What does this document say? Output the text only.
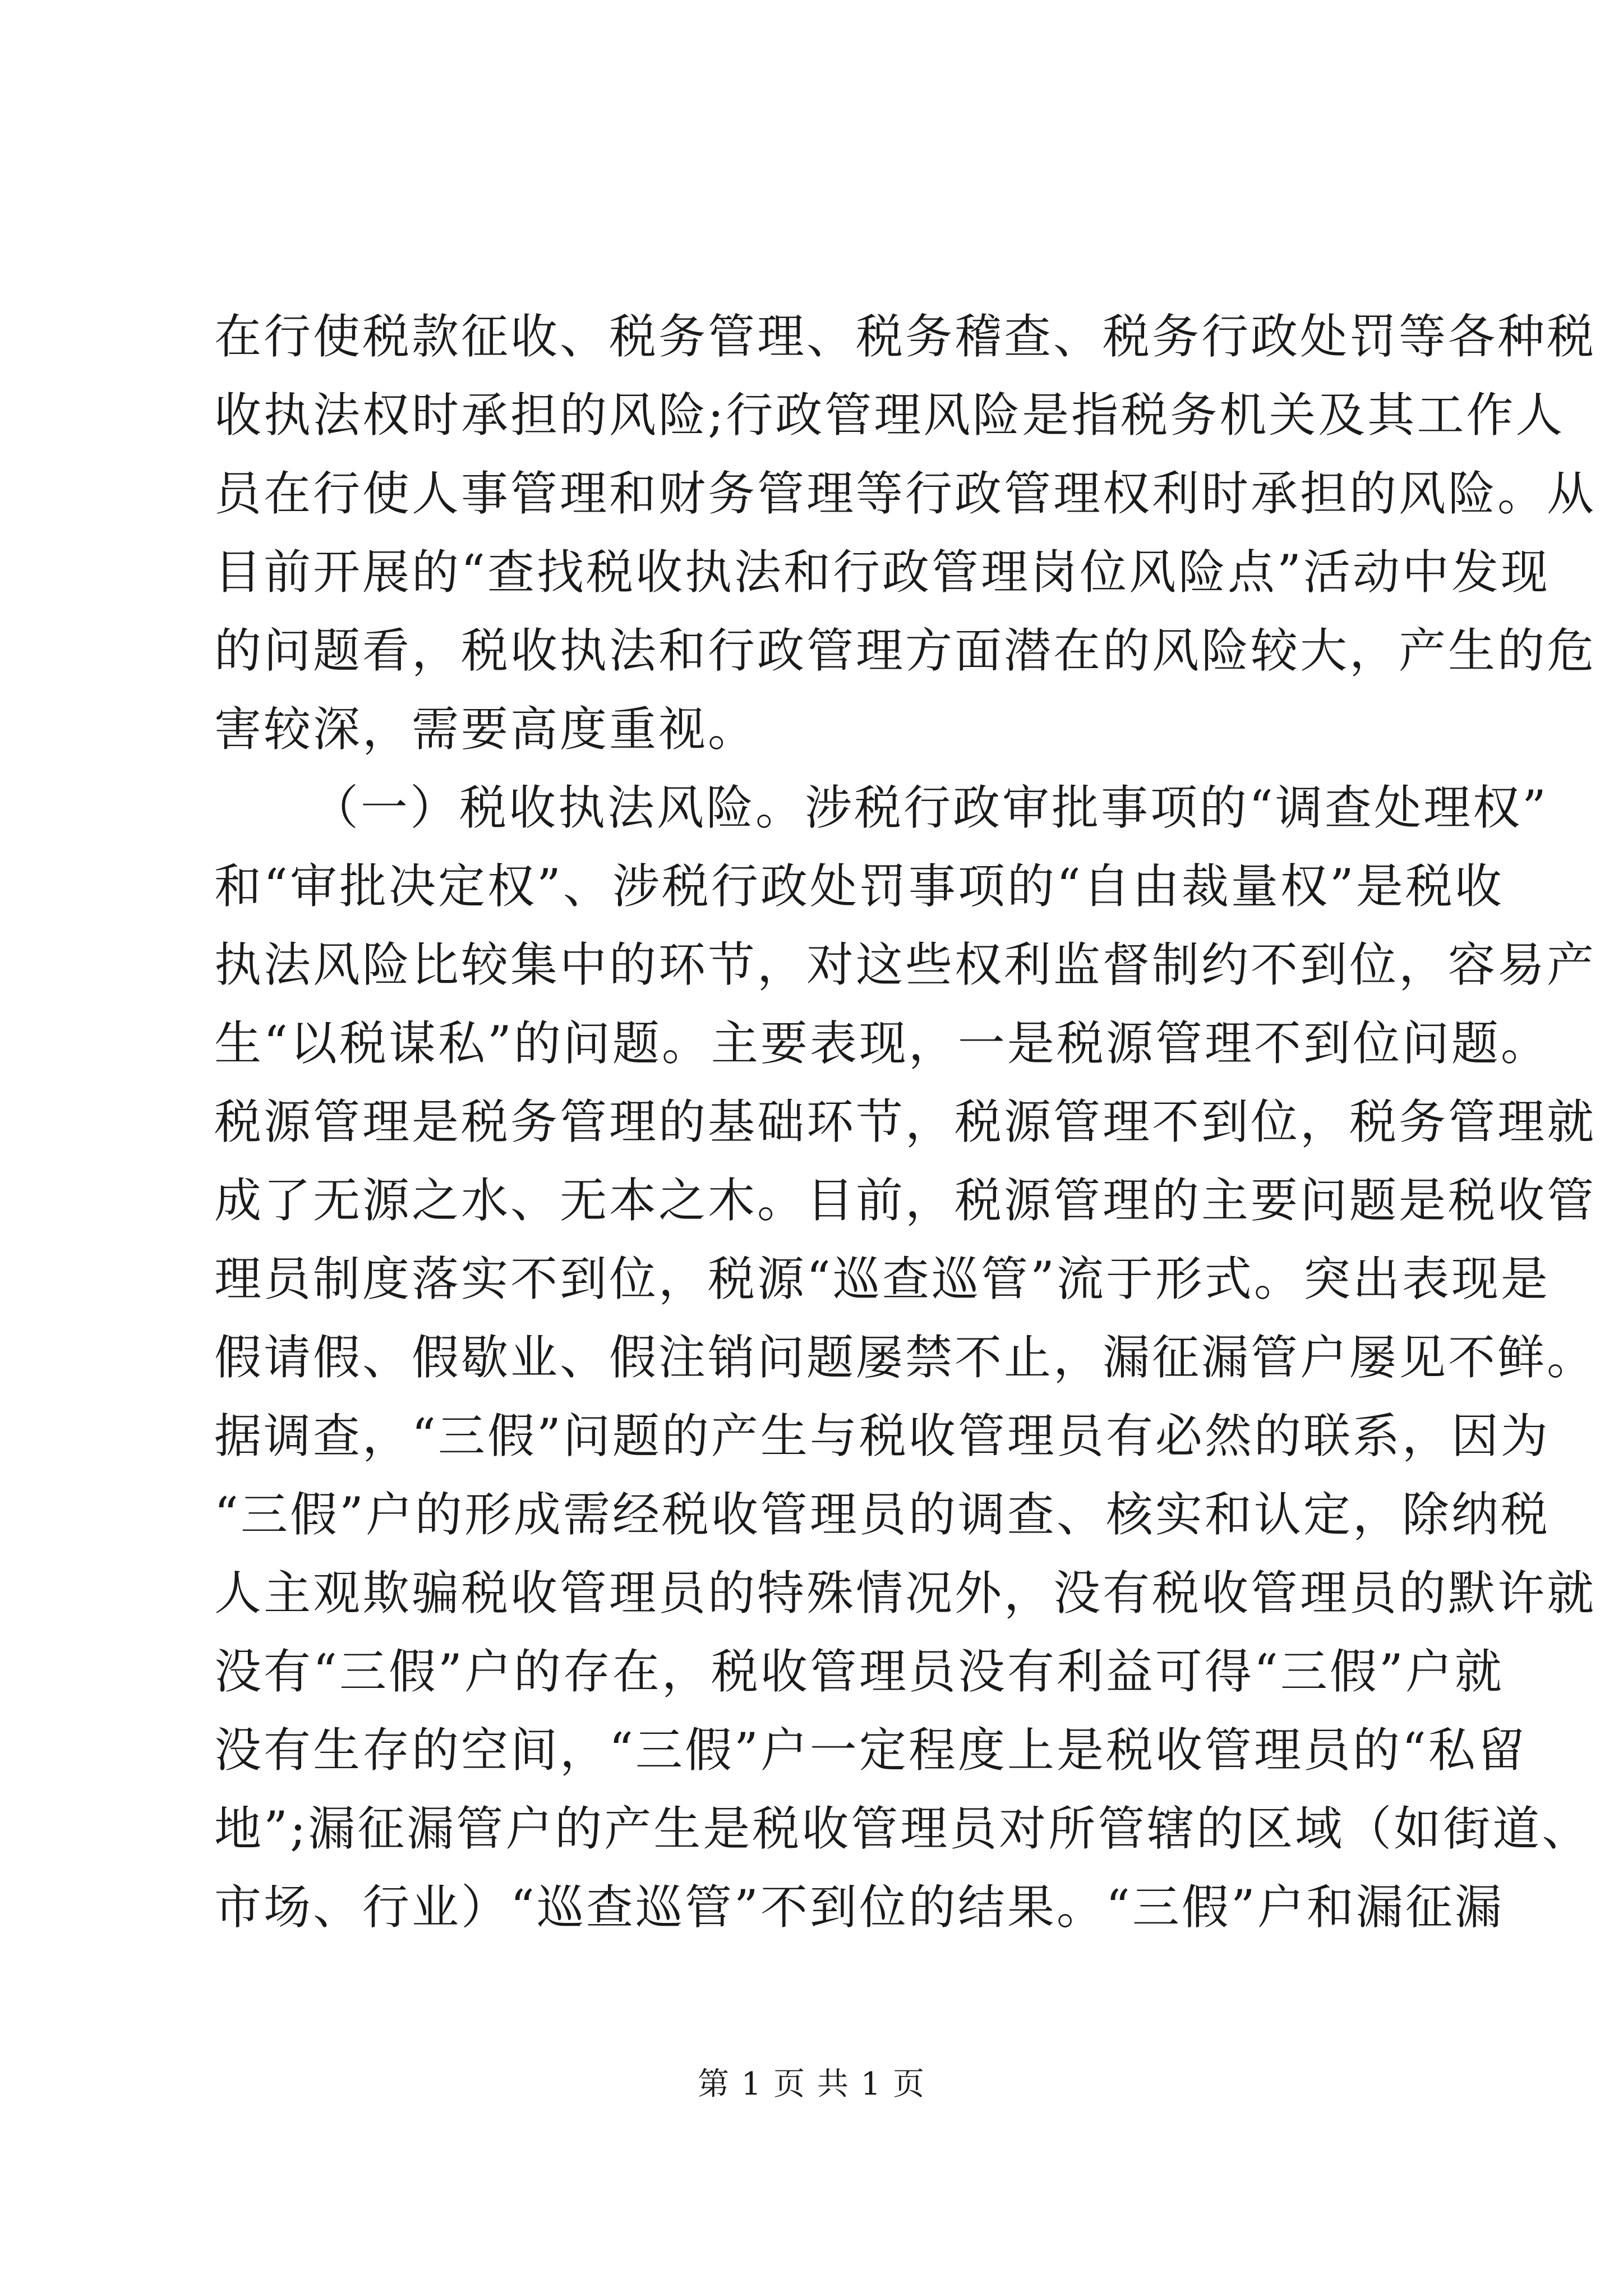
在行使税款征收、税务管理、税务稽查、税务行政处罚等各种税
收执法权时承担的风险;行政管理风险是指税务机关及其工作人
员在行使人事管理和财务管理等行政管理权利时承担的风险。从
目前开展的“查找税收执法和行政管理岗位风险点”活动中发现
的问题看，税收执法和行政管理方面潜在的风险较大，产生的危
害较深，需要高度重视。
（一）税收执法风险。涉税行政审批事项的“调查处理权”
和“审批决定权”、涉税行政处罚事项的“自由裁量权”是税收
执法风险比较集中的环节，对这些权利监督制约不到位，容易产
生“以税谋私”的问题。主要表现，一是税源管理不到位问题。
税源管理是税务管理的基础环节，税源管理不到位，税务管理就
成了无源之水、无本之木。目前，税源管理的主要问题是税收管
理员制度落实不到位，税源“巡查巡管”流于形式。突出表现是
假请假、假歇业、假注销问题屡禁不止，漏征漏管户屡见不鲜。
据调查，“三假”问题的产生与税收管理员有必然的联系，因为
“三假”户的形成需经税收管理员的调查、核实和认定，除纳税
人主观欺骗税收管理员的特殊情况外，没有税收管理员的默许就
没有“三假”户的存在，税收管理员没有利益可得“三假”户就
没有生存的空间，“三假”户一定程度上是税收管理员的“私留
地”;漏征漏管户的产生是税收管理员对所管辖的区域（如街道、
市场、行业）“巡查巡管”不到位的结果。“三假”户和漏征漏
第 1 页 共 1 页
